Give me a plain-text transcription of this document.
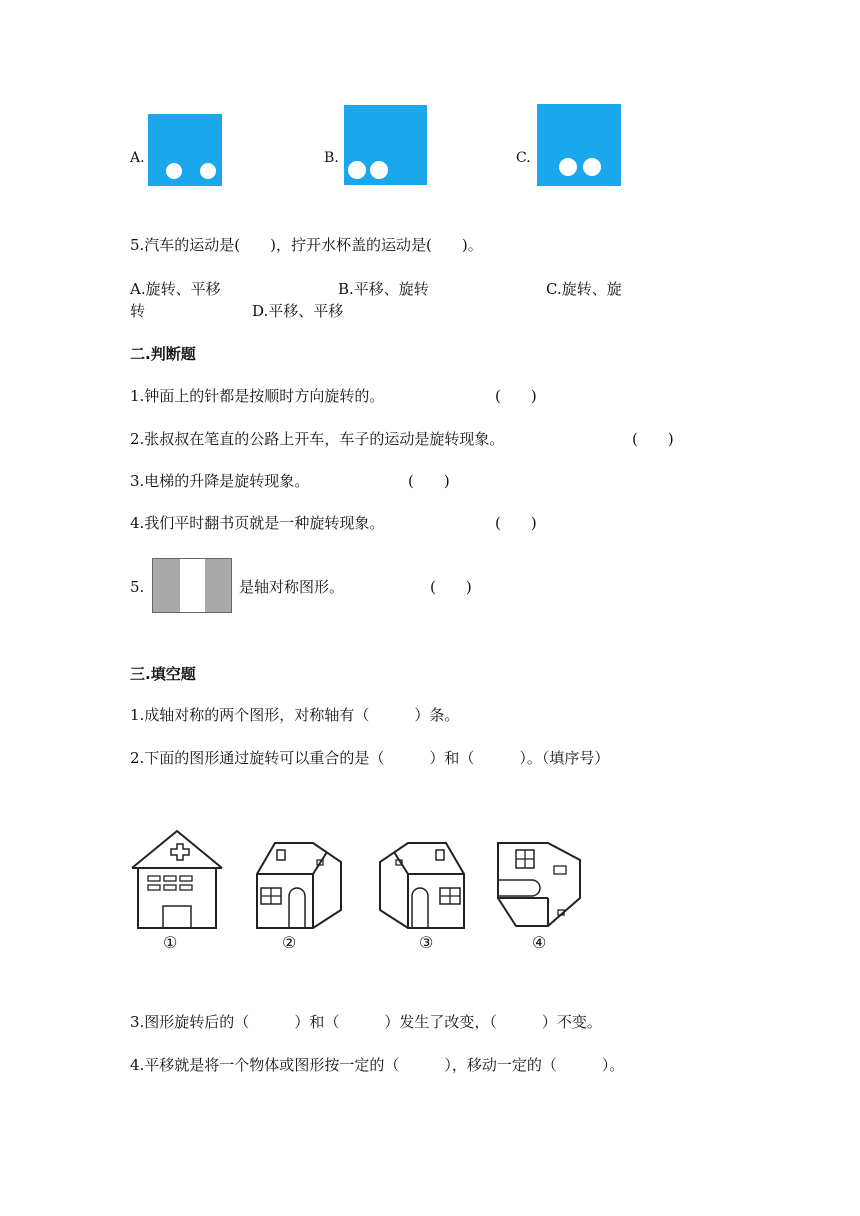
A.	B.	C.
5.汽车的运动是(　　)，拧开水杯盖的运动是(　　)。
A.旋转、平移	B.平移、旋转	C.旋转、旋
转	D.平移、平移
二.判断题
1.钟面上的针都是按顺时方向旋转的。	(　　)
2.张叔叔在笔直的公路上开车，车子的运动是旋转现象。	(　　)
3.电梯的升降是旋转现象。	(　　)
4.我们平时翻书页就是一种旋转现象。	(　　)
5.	是轴对称图形。	(　　)
三.填空题
1.成轴对称的两个图形，对称轴有（　　　）条。
2.下面的图形通过旋转可以重合的是（　　　）和（　　　）。（填序号）
①	②	③	④
3.图形旋转后的（　　　）和（　　　）发生了改变，（　　　）不变。
4.平移就是将一个物体或图形按一定的（　　　），移动一定的（　　　）。
